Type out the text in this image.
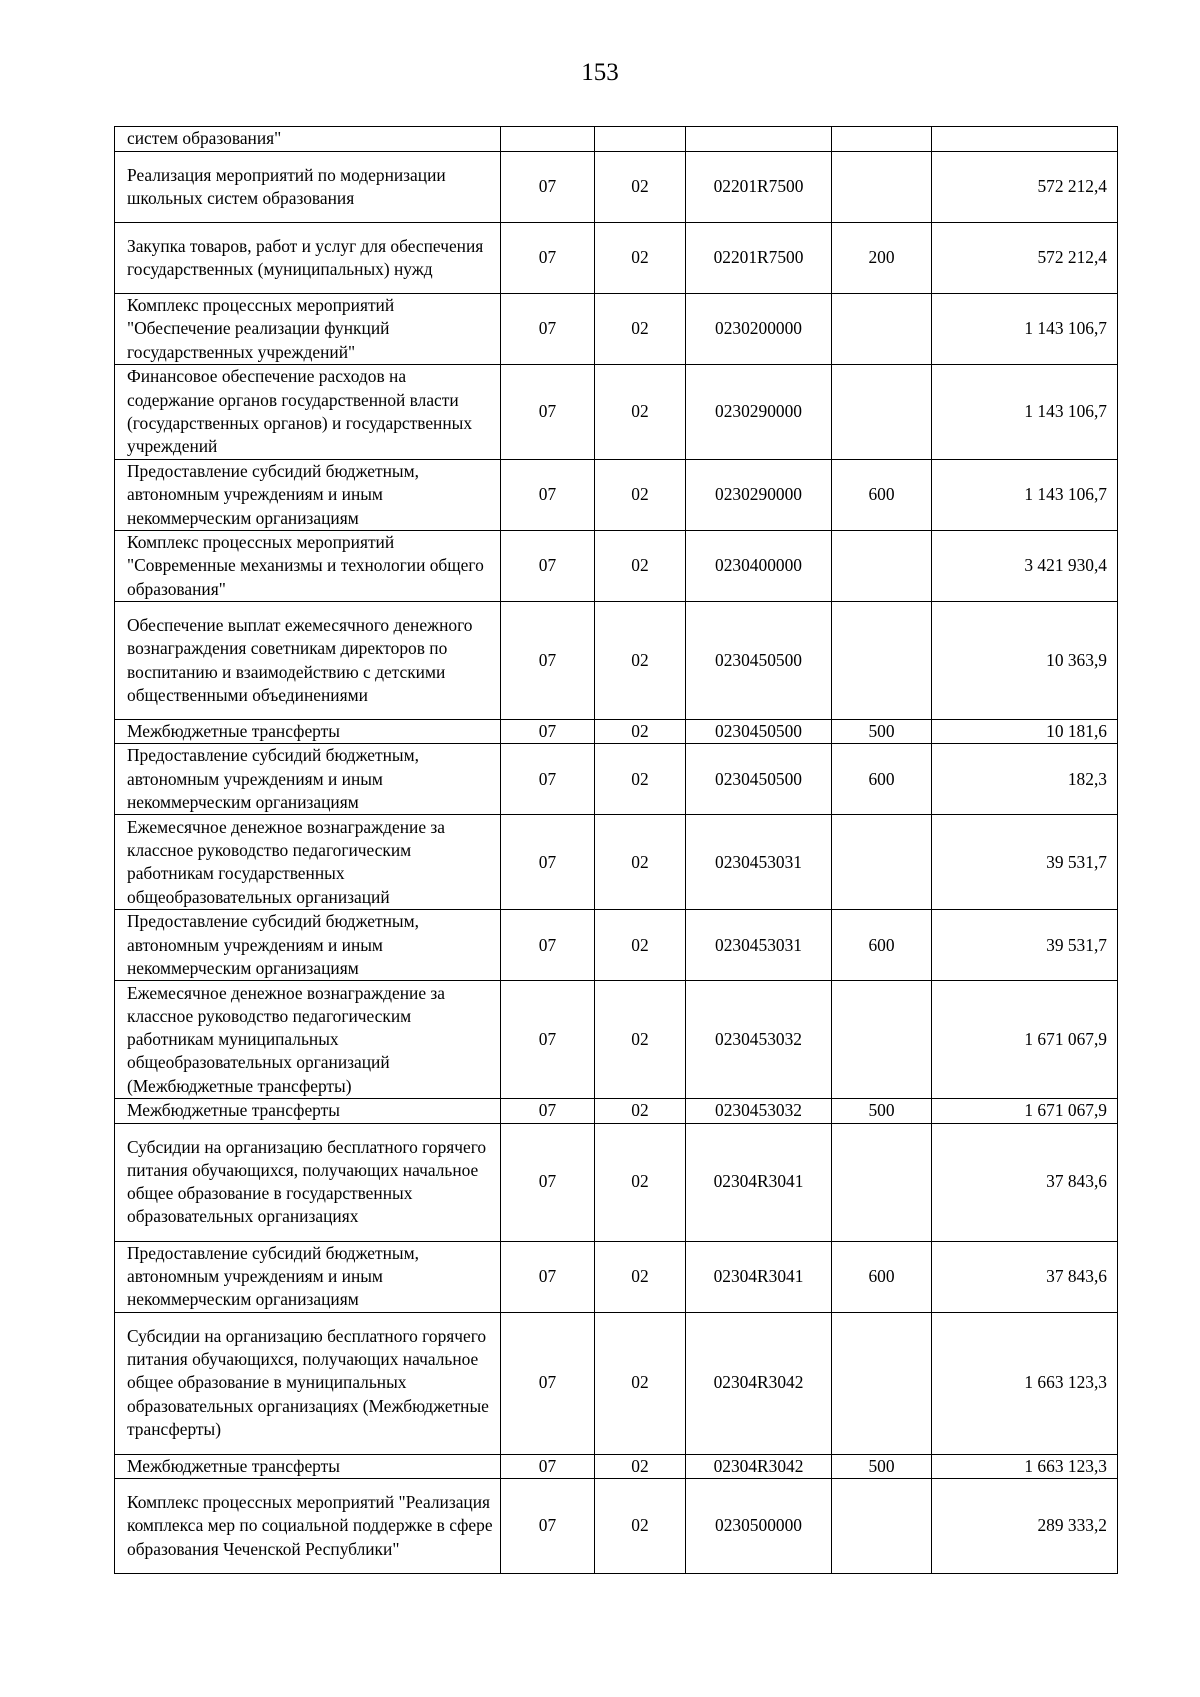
153
систем образования"					
Реализация мероприятий по модернизации школьных систем образования	07	02	02201R7500		572 212,4
Закупка товаров, работ и услуг для обеспечения государственных (муниципальных) нужд	07	02	02201R7500	200	572 212,4
Комплекс процессных мероприятий "Обеспечение реализации функций государственных учреждений"	07	02	0230200000		1 143 106,7
Финансовое обеспечение расходов на содержание органов государственной власти (государственных органов) и государственных учреждений	07	02	0230290000		1 143 106,7
Предоставление субсидий бюджетным, автономным учреждениям и иным некоммерческим организациям	07	02	0230290000	600	1 143 106,7
Комплекс процессных мероприятий "Современные механизмы и технологии общего образования"	07	02	0230400000		3 421 930,4
Обеспечение выплат ежемесячного денежного вознаграждения советникам директоров по воспитанию и взаимодействию с детскими общественными объединениями	07	02	0230450500		10 363,9
Межбюджетные трансферты	07	02	0230450500	500	10 181,6
Предоставление субсидий бюджетным, автономным учреждениям и иным некоммерческим организациям	07	02	0230450500	600	182,3
Ежемесячное денежное вознаграждение за классное руководство педагогическим работникам государственных общеобразовательных организаций	07	02	0230453031		39 531,7
Предоставление субсидий бюджетным, автономным учреждениям и иным некоммерческим организациям	07	02	0230453031	600	39 531,7
Ежемесячное денежное вознаграждение за классное руководство педагогическим работникам муниципальных общеобразовательных организаций (Межбюджетные трансферты)	07	02	0230453032		1 671 067,9
Межбюджетные трансферты	07	02	0230453032	500	1 671 067,9
Субсидии на организацию бесплатного горячего питания обучающихся, получающих начальное общее образование в государственных образовательных организациях	07	02	02304R3041		37 843,6
Предоставление субсидий бюджетным, автономным учреждениям и иным некоммерческим организациям	07	02	02304R3041	600	37 843,6
Субсидии на организацию бесплатного горячего питания обучающихся, получающих начальное общее образование в муниципальных образовательных организациях (Межбюджетные трансферты)	07	02	02304R3042		1 663 123,3
Межбюджетные трансферты	07	02	02304R3042	500	1 663 123,3
Комплекс процессных мероприятий "Реализация комплекса мер по социальной поддержке в сфере образования Чеченской Республики"	07	02	0230500000		289 333,2
